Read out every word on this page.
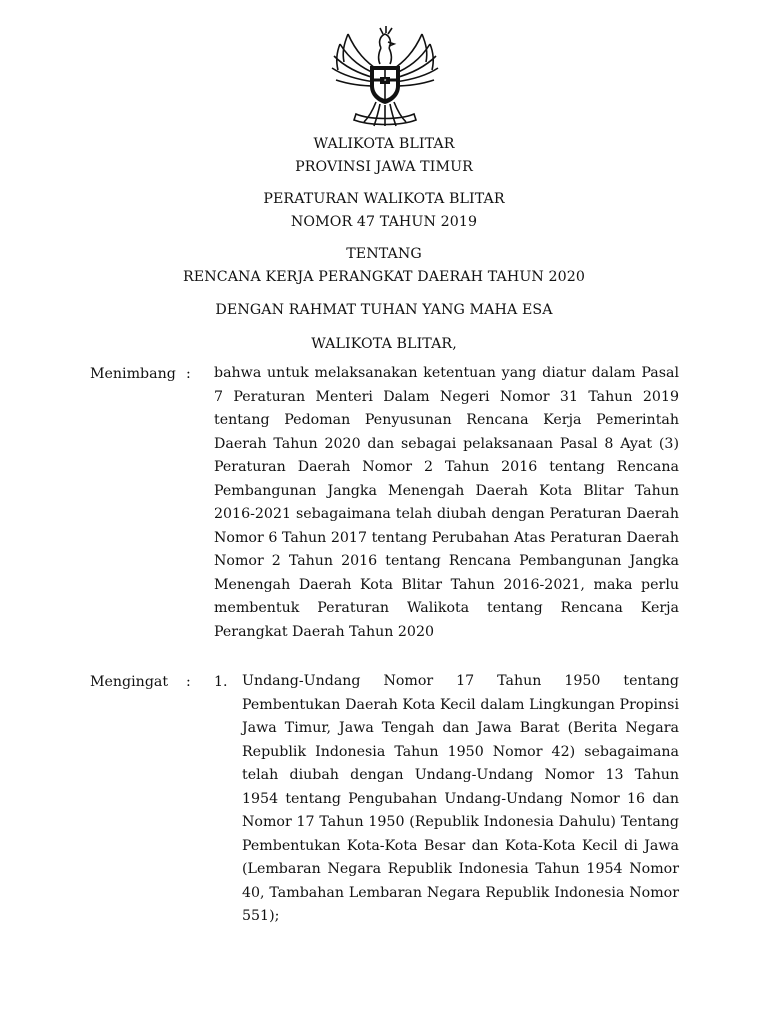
WALIKOTA BLITAR
PROVINSI JAWA TIMUR
PERATURAN WALIKOTA BLITAR
NOMOR 47 TAHUN 2019
TENTANG
RENCANA KERJA PERANGKAT DAERAH TAHUN 2020
DENGAN RAHMAT TUHAN YANG MAHA ESA
WALIKOTA BLITAR,
Menimbang : bahwa untuk melaksanakan ketentuan yang diatur dalam Pasal 7 Peraturan Menteri Dalam Negeri Nomor 31 Tahun 2019 tentang Pedoman Penyusunan Rencana Kerja Pemerintah Daerah Tahun 2020 dan sebagai pelaksanaan Pasal 8 Ayat (3) Peraturan Daerah Nomor 2 Tahun 2016 tentang Rencana Pembangunan Jangka Menengah Daerah Kota Blitar Tahun 2016-2021 sebagaimana telah diubah dengan Peraturan Daerah Nomor 6 Tahun 2017 tentang Perubahan Atas Peraturan Daerah Nomor 2 Tahun 2016 tentang Rencana Pembangunan Jangka Menengah Daerah Kota Blitar Tahun 2016-2021, maka perlu membentuk Peraturan Walikota tentang Rencana Kerja Perangkat Daerah Tahun 2020

Mengingat : 1. Undang-Undang Nomor 17 Tahun 1950 tentang Pembentukan Daerah Kota Kecil dalam Lingkungan Propinsi Jawa Timur, Jawa Tengah dan Jawa Barat (Berita Negara Republik Indonesia Tahun 1950 Nomor 42) sebagaimana telah diubah dengan Undang-Undang Nomor 13 Tahun 1954 tentang Pengubahan Undang-Undang Nomor 16 dan Nomor 17 Tahun 1950 (Republik Indonesia Dahulu) Tentang Pembentukan Kota-Kota Besar dan Kota-Kota Kecil di Jawa (Lembaran Negara Republik Indonesia Tahun 1954 Nomor 40, Tambahan Lembaran Negara Republik Indonesia Nomor 551);
